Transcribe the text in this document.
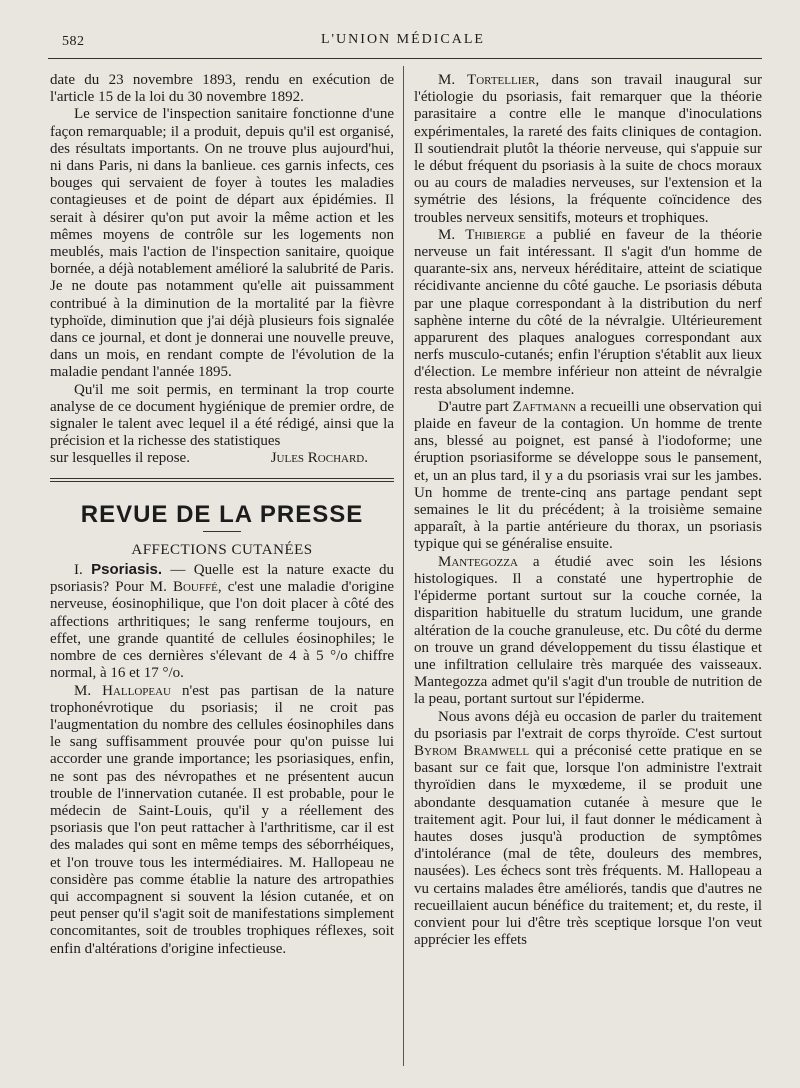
582	L'UNION MÉDICALE

date du 23 novembre 1893, rendu en exécution de l'article 15 de la loi du 30 novembre 1892.

Le service de l'inspection sanitaire fonctionne d'une façon remarquable; il a produit, depuis qu'il est organisé, des résultats importants. On ne trouve plus aujourd'hui, ni dans Paris, ni dans la banlieue. ces garnis infects, ces bouges qui servaient de foyer à toutes les maladies contagieuses et de point de départ aux épidémies. Il serait à désirer qu'on put avoir la même action et les mêmes moyens de contrôle sur les logements non meublés, mais l'action de l'inspection sanitaire, quoique bornée, a déjà notablement amélioré la salubrité de Paris. Je ne doute pas notamment qu'elle ait puissamment contribué à la diminution de la mortalité par la fièvre typhoïde, diminution que j'ai déjà plusieurs fois signalée dans ce journal, et dont je donnerai une nouvelle preuve, dans un mois, en rendant compte de l'évolution de la maladie pendant l'année 1895.

Qu'il me soit permis, en terminant la trop courte analyse de ce document hygiénique de premier ordre, de signaler le talent avec lequel il a été rédigé, ainsi que la précision et la richesse des statistiques

sur lesquelles il repose.	Jules Rochard.
REVUE DE LA PRESSE
AFFECTIONS CUTANÉES

I. Psoriasis. — Quelle est la nature exacte du psoriasis? Pour M. Bouffé, c'est une maladie d'origine nerveuse, éosinophilique, que l'on doit placer à côté des affections arthritiques; le sang renferme toujours, en effet, une grande quantité de cellules éosinophiles; le nombre de ces dernières s'élevant de 4 à 5 °/o chiffre normal, à 16 et 17 °/o.

M. Hallopeau n'est pas partisan de la nature trophonévrotique du psoriasis; il ne croit pas l'augmentation du nombre des cellules éosinophiles dans le sang suffisamment prouvée pour qu'on puisse lui accorder une grande importance; les psoriasiques, enfin, ne sont pas des névropathes et ne présentent aucun trouble de l'innervation cutanée. Il est probable, pour le médecin de Saint-Louis, qu'il y a réellement des psoriasis que l'on peut rattacher à l'arthritisme, car il est des malades qui sont en même temps des séborrhéiques, et l'on trouve tous les intermédiaires. M. Hallopeau ne considère pas comme établie la nature des artropathies qui accompagnent si souvent la lésion cutanée, et on peut penser qu'il s'agit soit de manifestations simplement concomitantes, soit de troubles trophiques réflexes, soit enfin d'altérations d'origine infectieuse.

M. Tortellier, dans son travail inaugural sur l'étiologie du psoriasis, fait remarquer que la théorie parasitaire a contre elle le manque d'inoculations expérimentales, la rareté des faits cliniques de contagion. Il soutiendrait plutôt la théorie nerveuse, qui s'appuie sur le début fréquent du psoriasis à la suite de chocs moraux ou au cours de maladies nerveuses, sur l'extension et la symétrie des lésions, la fréquente coïncidence des troubles nerveux sensitifs, moteurs et trophiques.

M. Thibierge a publié en faveur de la théorie nerveuse un fait intéressant. Il s'agit d'un homme de quarante-six ans, nerveux héréditaire, atteint de sciatique récidivante ancienne du côté gauche. Le psoriasis débuta par une plaque correspondant à la distribution du nerf saphène interne du côté de la névralgie. Ultérieurement apparurent des plaques analogues correspondant aux nerfs musculo-cutanés; enfin l'éruption s'établit aux lieux d'élection. Le membre inférieur non atteint de névralgie resta absolument indemne.

D'autre part Zaftmann a recueilli une observation qui plaide en faveur de la contagion. Un homme de trente ans, blessé au poignet, est pansé à l'iodoforme; une éruption psoriasiforme se développe sous le pansement, et, un an plus tard, il y a du psoriasis vrai sur les jambes. Un homme de trente-cinq ans partage pendant sept semaines le lit du précédent; à la troisième semaine apparaît, à la partie antérieure du thorax, un psoriasis typique qui se généralise ensuite.

Mantegozza a étudié avec soin les lésions histologiques. Il a constaté une hypertrophie de l'épiderme portant surtout sur la couche cornée, la disparition habituelle du stratum lucidum, une grande altération de la couche granuleuse, etc. Du côté du derme on trouve un grand développement du tissu élastique et une infiltration cellulaire très marquée des vaisseaux. Mantegozza admet qu'il s'agit d'un trouble de nutrition de la peau, portant surtout sur l'épiderme.

Nous avons déjà eu occasion de parler du traitement du psoriasis par l'extrait de corps thyroïde. C'est surtout Byrom Bramwell qui a préconisé cette pratique en se basant sur ce fait que, lorsque l'on administre l'extrait thyroïdien dans le myxœdeme, il se produit une abondante desquamation cutanée à mesure que le traitement agit. Pour lui, il faut donner le médicament à hautes doses jusqu'à production de symptômes d'intolérance (mal de tête, douleurs des membres, nausées). Les échecs sont très fréquents. M. Hallopeau a vu certains malades être améliorés, tandis que d'autres ne recueillaient aucun bénéfice du traitement; et, du reste, il convient pour lui d'être très sceptique lorsque l'on veut apprécier les effets
